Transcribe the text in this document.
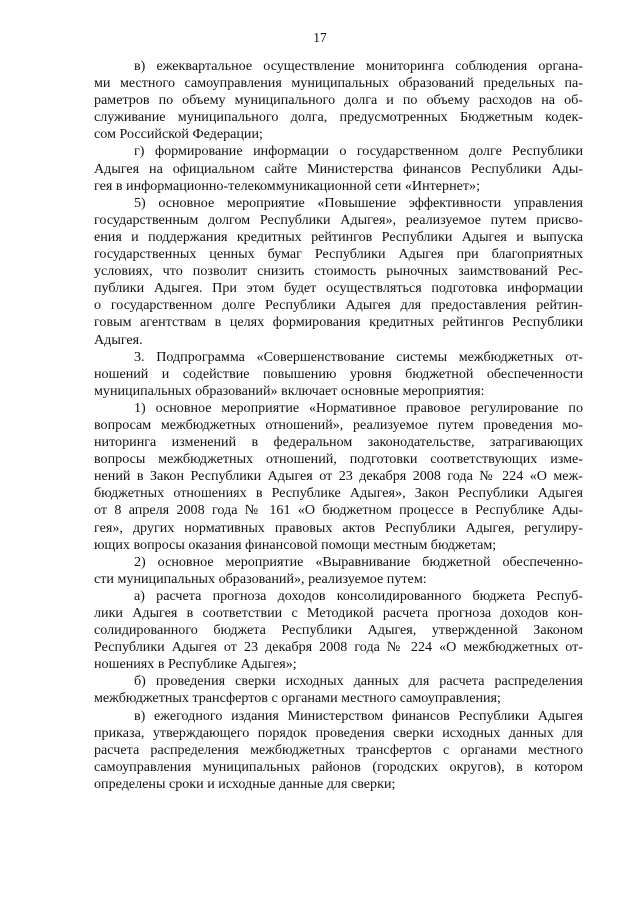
17
в) ежеквартальное осуществление мониторинга соблюдения органа-
ми местного самоуправления муниципальных образований предельных па-
раметров по объему муниципального долга и по объему расходов на об-
служивание муниципального долга, предусмотренных Бюджетным кодек-
сом Российской Федерации;
г) формирование информации о государственном долге Республики
Адыгея на официальном сайте Министерства финансов Республики Ады-
гея в информационно-телекоммуникационной сети «Интернет»;
5) основное мероприятие «Повышение эффективности управления
государственным долгом Республики Адыгея», реализуемое путем присво-
ения и поддержания кредитных рейтингов Республики Адыгея и выпуска
государственных ценных бумаг Республики Адыгея при благоприятных
условиях, что позволит снизить стоимость рыночных заимствований Рес-
публики Адыгея. При этом будет осуществляться подготовка информации
о государственном долге Республики Адыгея для предоставления рейтин-
говым агентствам в целях формирования кредитных рейтингов Республики
Адыгея.
3. Подпрограмма «Совершенствование системы межбюджетных от-
ношений и содействие повышению уровня бюджетной обеспеченности
муниципальных образований» включает основные мероприятия:
1) основное мероприятие «Нормативное правовое регулирование по
вопросам межбюджетных отношений», реализуемое путем проведения мо-
ниторинга изменений в федеральном законодательстве, затрагивающих
вопросы межбюджетных отношений, подготовки соответствующих изме-
нений в Закон Республики Адыгея от 23 декабря 2008 года № 224 «О меж-
бюджетных отношениях в Республике Адыгея», Закон Республики Адыгея
от 8 апреля 2008 года № 161 «О бюджетном процессе в Республике Ады-
гея», других нормативных правовых актов Республики Адыгея, регулиру-
ющих вопросы оказания финансовой помощи местным бюджетам;
2) основное мероприятие «Выравнивание бюджетной обеспеченно-
сти муниципальных образований», реализуемое путем:
а) расчета прогноза доходов консолидированного бюджета Респуб-
лики Адыгея в соответствии с Методикой расчета прогноза доходов кон-
солидированного бюджета Республики Адыгея, утвержденной Законом
Республики Адыгея от 23 декабря 2008 года № 224 «О межбюджетных от-
ношениях в Республике Адыгея»;
б) проведения сверки исходных данных для расчета распределения
межбюджетных трансфертов с органами местного самоуправления;
в) ежегодного издания Министерством финансов Республики Адыгея
приказа, утверждающего порядок проведения сверки исходных данных для
расчета распределения межбюджетных трансфертов с органами местного
самоуправления муниципальных районов (городских округов), в котором
определены сроки и исходные данные для сверки;
